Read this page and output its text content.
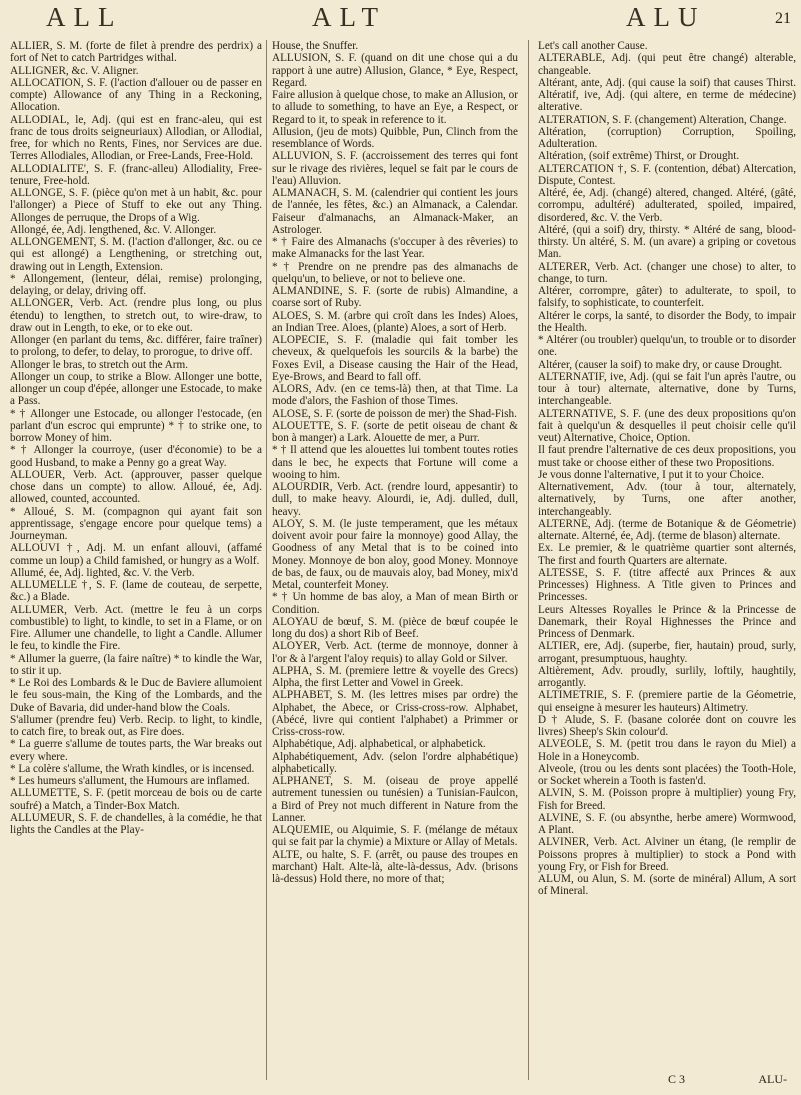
ALL	ALT	ALU	21

ALLIER, S. M. (forte de filet à prendre des perdrix) a fort of Net to catch Partridges withal.

ALLIGNER, &c. V. Aligner.

ALLOCATION, S. F. (l'action d'allouer ou de passer en compte) Allowance of any Thing in a Reckoning, Allocation.

ALLODIAL, le, Adj. (qui est en franc-aleu, qui est franc de tous droits seigneuriaux) Allodian, or Allodial, free, for which no Rents, Fines, nor Services are due. Terres Allodiales, Allodian, or Free-Lands, Free-Hold.

ALLODIALITE', S. F. (franc-alleu) Allodiality, Free-tenure, Free-hold.

ALLONGE, S. F. (pièce qu'on met à un habit, &c. pour l'allonger) a Piece of Stuff to eke out any Thing. Allonges de perruque, the Drops of a Wig.

Allongé, ée, Adj. lengthened, &c. V. Allonger.

ALLONGEMENT, S. M. (l'action d'allonger, &c. ou ce qui est allongé) a Lengthening, or stretching out, drawing out in Length, Extension.

* Allongement, (lenteur, délai, remise) prolonging, delaying, or delay, driving off.

ALLONGER, Verb. Act. (rendre plus long, ou plus étendu) to lengthen, to stretch out, to wire-draw, to draw out in Length, to eke, or to eke out.

Allonger (en parlant du tems, &c. différer, faire traîner) to prolong, to defer, to delay, to prorogue, to drive off.

Allonger le bras, to stretch out the Arm.

Allonger un coup, to strike a Blow. Allonger une botte, allonger un coup d'épée, allonger une Estocade, to make a Pass.

* † Allonger une Estocade, ou allonger l'estocade, (en parlant d'un escroc qui emprunte) * † to strike one, to borrow Money of him.

* † Allonger la courroye, (user d'économie) to be a good Husband, to make a Penny go a great Way.

ALLOUER, Verb. Act. (approuver, passer quelque chose dans un compte) to allow. Alloué, ée, Adj. allowed, counted, accounted.

* Alloué, S. M. (compagnon qui ayant fait son apprentissage, s'engage encore pour quelque tems) a Journeyman.

ALLOUVI †, Adj. M. un enfant allouvi, (affamé comme un loup) a Child famished, or hungry as a Wolf.

Allumé, ée, Adj. lighted, &c. V. the Verb.

ALLUMELLE †, S. F. (lame de couteau, de serpette, &c.) a Blade.

ALLUMER, Verb. Act. (mettre le feu à un corps combustible) to light, to kindle, to set in a Flame, or on Fire. Allumer une chandelle, to light a Candle. Allumer le feu, to kindle the Fire.

* Allumer la guerre, (la faire naître) * to kindle the War, to stir it up.

* Le Roi des Lombards & le Duc de Baviere allumoient le feu sous-main, the King of the Lombards, and the Duke of Bavaria, did under-hand blow the Coals.

S'allumer (prendre feu) Verb. Recip. to light, to kindle, to catch fire, to break out, as Fire does.

* La guerre s'allume de toutes parts, the War breaks out every where.

* La colère s'allume, the Wrath kindles, or is incensed.

* Les humeurs s'allument, the Humours are inflamed.

ALLUMETTE, S. F. (petit morceau de bois ou de carte soufré) a Match, a Tinder-Box Match.

ALLUMEUR, S. F. de chandelles, à la comédie, he that lights the Candles at the Play-

House, the Snuffer.

ALLUSION, S. F. (quand on dit une chose qui a du rapport à une autre) Allusion, Glance, * Eye, Respect, Regard.

Faire allusion à quelque chose, to make an Allusion, or to allude to something, to have an Eye, a Respect, or Regard to it, to speak in reference to it.

Allusion, (jeu de mots) Quibble, Pun, Clinch from the resemblance of Words.

ALLUVION, S. F. (accroissement des terres qui font sur le rivage des rivières, lequel se fait par le cours de l'eau) Alluvion.

ALMANACH, S. M. (calendrier qui contient les jours de l'année, les fêtes, &c.) an Almanack, a Calendar. Faiseur d'almanachs, an Almanack-Maker, an Astrologer.

* † Faire des Almanachs (s'occuper à des rêveries) to make Almanacks for the last Year.

* † Prendre on ne prendre pas des almanachs de quelqu'un, to believe, or not to believe one.

ALMANDINE, S. F. (sorte de rubis) Almandine, a coarse sort of Ruby.

ALOES, S. M. (arbre qui croît dans les Indes) Aloes, an Indian Tree. Aloes, (plante) Aloes, a sort of Herb.

ALOPECIE, S. F. (maladie qui fait tomber les cheveux, & quelquefois les sourcils & la barbe) the Foxes Evil, a Disease causing the Hair of the Head, Eye-Brows, and Beard to fall off.

ALORS, Adv. (en ce tems-là) then, at that Time. La mode d'alors, the Fashion of those Times.

ALOSE, S. F. (sorte de poisson de mer) the Shad-Fish.

ALOUETTE, S. F. (sorte de petit oiseau de chant & bon à manger) a Lark. Alouette de mer, a Purr.

* † Il attend que les alouettes lui tombent toutes roties dans le bec, he expects that Fortune will come a wooing to him.

ALOURDIR, Verb. Act. (rendre lourd, appesantir) to dull, to make heavy. Alourdi, ie, Adj. dulled, dull, heavy.

ALOY, S. M. (le juste temperament, que les métaux doivent avoir pour faire la monnoye) good Allay, the Goodness of any Metal that is to be coined into Money. Monnoye de bon aloy, good Money. Monnoye de bas, de faux, ou de mauvais aloy, bad Money, mix'd Metal, counterfeit Money.

* † Un homme de bas aloy, a Man of mean Birth or Condition.

ALOYAU de bœuf, S. M. (pièce de bœuf coupée le long du dos) a short Rib of Beef.

ALOYER, Verb. Act. (terme de monnoye, donner à l'or & à l'argent l'aloy requis) to allay Gold or Silver.

ALPHA, S. M. (premiere lettre & voyelle des Grecs) Alpha, the first Letter and Vowel in Greek.

ALPHABET, S. M. (les lettres mises par ordre) the Alphabet, the Abece, or Criss-cross-row. Alphabet, (Abécé, livre qui contient l'alphabet) a Primmer or Criss-cross-row.

Alphabétique, Adj. alphabetical, or alphabetick.

Alphabétiquement, Adv. (selon l'ordre alphabétique) alphabetically.

ALPHANET, S. M. (oiseau de proye appellé autrement tunessien ou tunésien) a Tunisian-Faulcon, a Bird of Prey not much different in Nature from the Lanner.

ALQUEMIE, ou Alquimie, S. F. (mélange de métaux qui se fait par la chymie) a Mixture or Allay of Metals.

ALTE, ou halte, S. F. (arrêt, ou pause des troupes en marchant) Halt. Alte-là, alte-là-dessus, Adv. (brisons là-dessus) Hold there, no more of that;

Let's call another Cause.

ALTERABLE, Adj. (qui peut être changé) alterable, changeable.

Altérant, ante, Adj. (qui cause la soif) that causes Thirst. Altératif, ive, Adj. (qui altere, en terme de médecine) alterative.

ALTERATION, S. F. (changement) Alteration, Change.

Altération, (corruption) Corruption, Spoiling, Adulteration.

Altération, (soif extrême) Thirst, or Drought.

ALTERCATION †, S. F. (contention, débat) Altercation, Dispute, Contest.

Altéré, ée, Adj. (changé) altered, changed. Altéré, (gâté, corrompu, adultéré) adulterated, spoiled, impaired, disordered, &c. V. the Verb.

Altéré, (qui a soif) dry, thirsty. * Altéré de sang, blood-thirsty. Un altéré, S. M. (un avare) a griping or covetous Man.

ALTERER, Verb. Act. (changer une chose) to alter, to change, to turn.

Altérer, corrompre, gâter) to adulterate, to spoil, to falsify, to sophisticate, to counterfeit.

Altérer le corps, la santé, to disorder the Body, to impair the Health.

* Altérer (ou troubler) quelqu'un, to trouble or to disorder one.

Altérer, (causer la soif) to make dry, or cause Drought.

ALTERNATIF, ive, Adj. (qui se fait l'un après l'autre, ou tour à tour) alternate, alternative, done by Turns, interchangeable.

ALTERNATIVE, S. F. (une des deux propositions qu'on fait à quelqu'un & desquelles il peut choisir celle qu'il veut) Alternative, Choice, Option.

Il faut prendre l'alternative de ces deux propositions, you must take or choose either of these two Propositions.

Je vous donne l'alternative, I put it to your Choice.

Alternativement, Adv. (tour à tour, alternately, alternatively, by Turns, one after another, interchangeably.

ALTERNE, Adj. (terme de Botanique & de Géometrie) alternate. Alterné, ée, Adj. (terme de blason) alternate.

Ex. Le premier, & le quatrième quartier sont alternés, The first and fourth Quarters are alternate.

ALTESSE, S. F. (titre affecté aux Princes & aux Princesses) Highness. A Title given to Princes and Princesses.

Leurs Altesses Royalles le Prince & la Princesse de Danemark, their Royal Highnesses the Prince and Princess of Denmark.

ALTIER, ere, Adj. (superbe, fier, hautain) proud, surly, arrogant, presumptuous, haughty.

Altièrement, Adv. proudly, surlily, loftily, haughtily, arrogantly.

ALTIMETRIE, S. F. (premiere partie de la Géometrie, qui enseigne à mesurer les hauteurs) Altimetry.

D † Alude, S. F. (basane colorée dont on couvre les livres) Sheep's Skin colour'd.

ALVEOLE, S. M. (petit trou dans le rayon du Miel) a Hole in a Honeycomb.

Alveole, (trou ou les dents sont placées) the Tooth-Hole, or Socket wherein a Tooth is fasten'd.

ALVIN, S. M. (Poisson propre à multiplier) young Fry, Fish for Breed.

ALVINE, S. F. (ou absynthe, herbe amere) Wormwood, A Plant.

ALVINER, Verb. Act. Alviner un étang, (le remplir de Poissons propres à multiplier) to stock a Pond with young Fry, or Fish for Breed.

ALUM, ou Alun, S. M. (sorte de minéral) Allum, A sort of Mineral.

C 3	ALU-
